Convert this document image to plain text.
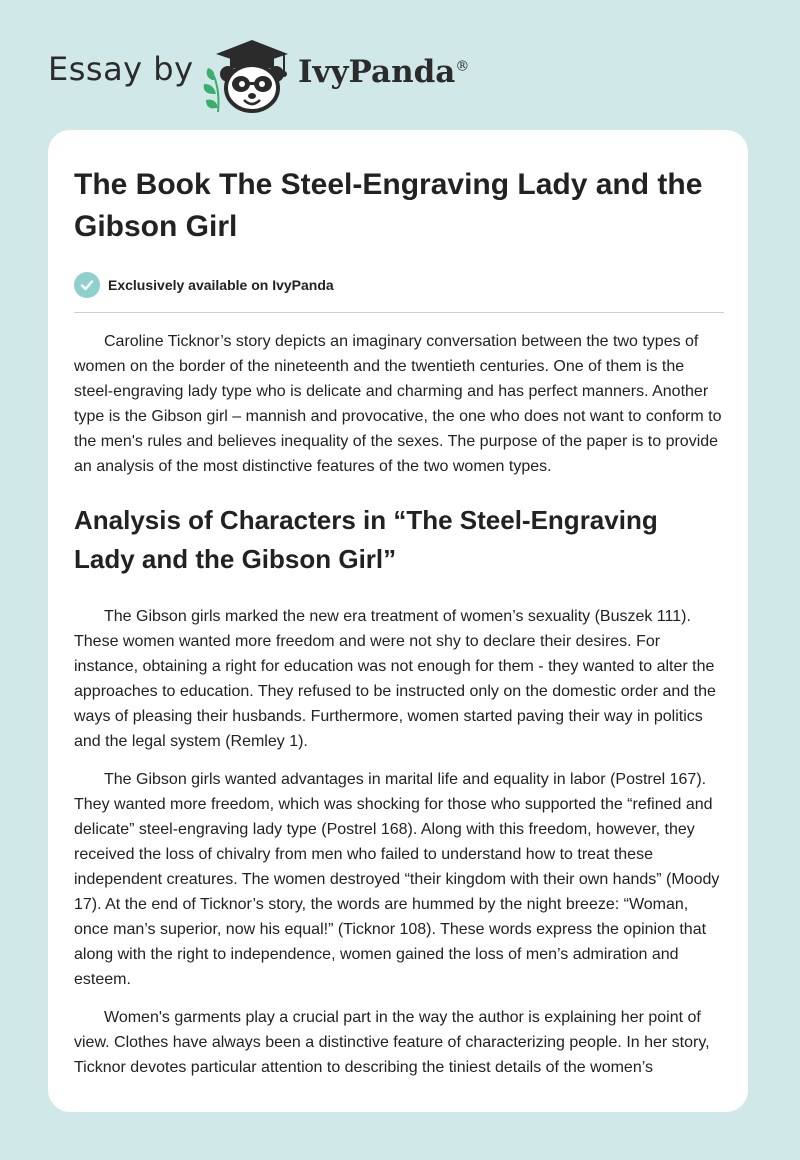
Essay by	IvyPanda®
The Book The Steel-Engraving Lady and the Gibson Girl
Exclusively available on IvyPanda

Caroline Ticknor’s story depicts an imaginary conversation between the two types of women on the border of the nineteenth and the twentieth centuries. One of them is the steel-engraving lady type who is delicate and charming and has perfect manners. Another type is the Gibson girl – mannish and provocative, the one who does not want to conform to the men's rules and believes inequality of the sexes. The purpose of the paper is to provide an analysis of the most distinctive features of the two women types.

Analysis of Characters in “The Steel-Engraving Lady and the Gibson Girl”

The Gibson girls marked the new era treatment of women’s sexuality (Buszek 111). These women wanted more freedom and were not shy to declare their desires. For instance, obtaining a right for education was not enough for them - they wanted to alter the approaches to education. They refused to be instructed only on the domestic order and the ways of pleasing their husbands. Furthermore, women started paving their way in politics and the legal system (Remley 1).

The Gibson girls wanted advantages in marital life and equality in labor (Postrel 167). They wanted more freedom, which was shocking for those who supported the “refined and delicate” steel-engraving lady type (Postrel 168). Along with this freedom, however, they received the loss of chivalry from men who failed to understand how to treat these independent creatures. The women destroyed “their kingdom with their own hands” (Moody 17). At the end of Ticknor’s story, the words are hummed by the night breeze: “Woman, once man’s superior, now his equal!” (Ticknor 108). These words express the opinion that along with the right to independence, women gained the loss of men’s admiration and esteem.

Women's garments play a crucial part in the way the author is explaining her point of view. Clothes have always been a distinctive feature of characterizing people. In her story, Ticknor devotes particular attention to describing the tiniest details of the women’s
